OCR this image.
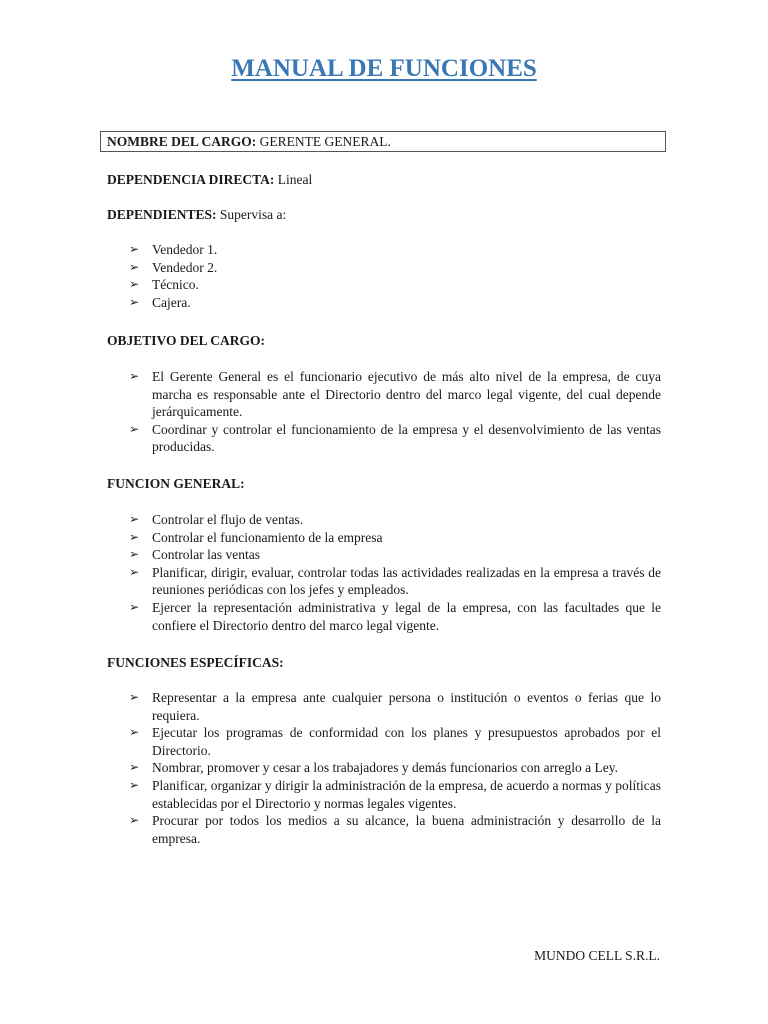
MANUAL DE FUNCIONES
NOMBRE DEL CARGO: GERENTE GENERAL.
DEPENDENCIA DIRECTA: Lineal
DEPENDIENTES: Supervisa a:
➢ Vendedor 1.
➢ Vendedor 2.
➢ Técnico.
➢ Cajera.
OBJETIVO DEL CARGO:
➢ El Gerente General es el funcionario ejecutivo de más alto nivel de la empresa, de cuya marcha es responsable ante el Directorio dentro del marco legal vigente, del cual depende jerárquicamente.
➢ Coordinar y controlar el funcionamiento de la empresa y el desenvolvimiento de las ventas producidas.
FUNCION GENERAL:
➢ Controlar el flujo de ventas.
➢ Controlar el funcionamiento de la empresa
➢ Controlar las ventas
➢ Planificar, dirigir, evaluar, controlar todas las actividades realizadas en la empresa a través de reuniones periódicas con los jefes y empleados.
➢ Ejercer la representación administrativa y legal de la empresa, con las facultades que le confiere el Directorio dentro del marco legal vigente.
FUNCIONES ESPECÍFICAS:
➢ Representar a la empresa ante cualquier persona o institución o eventos o ferias que lo requiera.
➢ Ejecutar los programas de conformidad con los planes y presupuestos aprobados por el Directorio.
➢ Nombrar, promover y cesar a los trabajadores y demás funcionarios con arreglo a Ley.
➢ Planificar, organizar y dirigir la administración de la empresa, de acuerdo a normas y políticas establecidas por el Directorio y normas legales vigentes.
➢ Procurar por todos los medios a su alcance, la buena administración y desarrollo de la empresa.
MUNDO CELL S.R.L.
